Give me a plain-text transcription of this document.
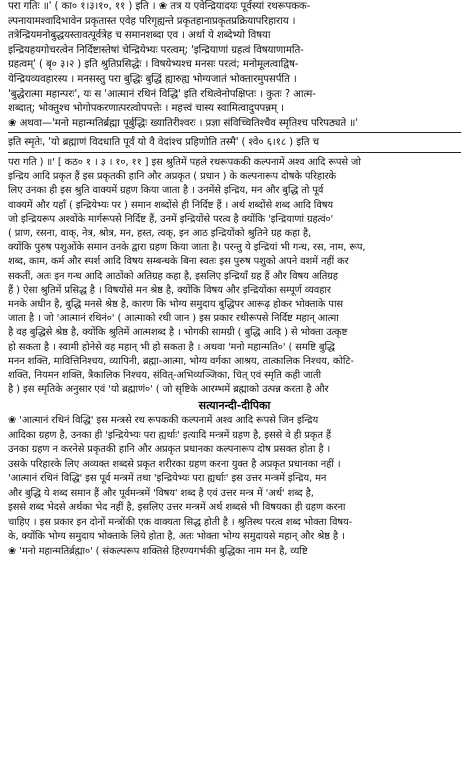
परा गतिः ॥' ( का० १।३।१०, ११ ) इति । ❀ तत्र य एवेन्द्रियादयः पूर्वस्यां रथरूपकक-
ल्पनायामश्वादिभावेन प्रकृतास्त एवेह परिगृह्यन्ते प्रकृतहानाप्रकृतप्रक्रियापरिहाराय ।
तत्रेन्द्रियमनोबुद्धयस्तावत्पूर्वत्रेह च समानशब्दा एव । अर्था ये शब्देभ्यो विषया
इन्द्रियहयगोचरत्वेन निर्दिष्टास्तेषां चेन्द्रियेभ्यः परत्वम्; 'इन्द्रियाणां ग्रहत्वं विषयाणामति-
ग्रहत्वम्' ( बृ० ३।२ ) इति श्रुतिप्रसिद्धेः । विषयेभ्यश्च मनसः परत्वं; मनोमूलत्वाद्विष-
येन्द्रियव्यवहारस्य । मनसस्तु परा बुद्धिः बुद्धिं ह्यारुह्य भोग्यजातं भोक्तारमुपसर्पति ।
'बुद्धेरात्मा महान्परः', यः स 'आत्मानं रथिनं विद्धि' इति रथित्वेनोपक्षिप्तः । कुतः ? आत्म-
शब्दात्; भोक्तुश्च भोगोपकरणात्परत्वोपपत्तेः । महत्त्वं चास्य स्वामित्वादुपपन्नम् ।
❀ अथवा—'मनो महान्मतिर्ब्रह्मा पूर्बुद्धिः ख्यातिरीश्वरः । प्रज्ञा संविच्चितिश्चैव स्मृतिश्च परिपठ्यते ॥'
इति स्मृतेः, 'यो ब्रह्माणं विदधाति पूर्वं यो वै वेदांश्च प्रहिणोति तस्मै' ( श्वे० ६।१८ ) इति च
परा गति ) ॥' [ कठ० १ । ३ । १०, ११ ] इस श्रुतिमें पहले रथरूपककी कल्पनामें अश्व आदि रूपसे जो
इन्द्रिय आदि प्रकृत हैं इस प्रकृतकी हानि और अप्रकृत ( प्रधान ) के कल्पनारूप दोषके परिहारके
लिए उनका ही इस श्रुति वाक्यमें ग्रहण किया जाता है । उनमेंसे इन्द्रिय, मन और बुद्धि तो पूर्व
वाक्यमें और यहाँ ( इन्द्रियेभ्यः पर ) समान शब्दोंसे ही निर्दिष्ट हैं । अर्थ शब्दोंसे शब्द आदि विषय
जो इन्द्रियरूप अश्वोंके मार्गरूपसे निर्दिष्ट हैं, उनमें इन्द्रियोंसे परत्व है क्योंकि 'इन्द्रियाणां ग्रहत्वं०'
( प्राण, रसना, वाक्, नेत्र, श्रोत्र, मन, हस्त, त्वक्, इन आठ इन्द्रियोंको श्रुतिने ग्रह कहा है,
क्योंकि पुरुष पशुओंके समान उनके द्वारा ग्रहण किया जाता है। परन्तु ये इन्द्रियां भी गन्ध, रस, नाम, रूप,
शब्द, काम, कर्म और स्पर्श आदि विषय सम्बन्धके बिना स्वतः इस पुरुष पशुको अपने वशमें नहीं कर
सकतीं, अतः इन गन्ध आदि आठोंको अतिग्रह कहा है, इसलिए इन्द्रियाँ ग्रह हैं और विषय अतिग्रह
हैं ) ऐसा श्रुतिमें प्रसिद्ध है । विषयोंसे मन श्रेष्ठ है, क्योंकि विषय और इन्द्रियोंका सम्पूर्ण व्यवहार
मनके अधीन है, बुद्धि मनसे श्रेष्ठ है, कारण कि भोग्य समुदाय बुद्धिपर आरूढ़ होकर भोक्ताके पास
जाता है । जो 'आत्मानं रथिनं०' ( आत्माको रथी जान ) इस प्रकार रथीरूपसे निर्दिष्ट महान् आत्मा
है वह बुद्धिसे श्रेष्ठ है, क्योंकि श्रुतिमें आत्मशब्द है । भोगकी सामग्री ( बुद्धि आदि ) से भोक्ता उत्कृष्ट
हो सकता है । स्वामी होनेसे वह महान् भी हो सकता है । अथवा 'मनो महान्मति०' ( समष्टि बुद्धि
मनन शक्ति, मावित्तिनिश्चय, व्यापिनी, ब्रह्मा-आत्मा, भोग्य वर्गका आश्रय, तात्कालिक निश्चय, कोटि-
शक्ति, नियमन शक्ति, त्रैकालिक निश्चय, संवित्-अभिव्यञ्जिका, चित् एवं स्मृति कही जाती
है ) इस स्मृतिके अनुसार एवं 'यो ब्रह्माणं०' ( जो सृष्टिके आरम्भमें ब्रह्माको उत्पन्न करता है और
सत्यानन्दी-दीपिका
❀ 'आत्मानं रथिनं विद्धि' इस मन्त्रसे रथ रूपककी कल्पनामें अश्व आदि रूपसे जिन इन्द्रिय
आदिका ग्रहण है, उनका ही 'इन्द्रियेभ्यः परा ह्यर्थाः' इत्यादि मन्त्रमें ग्रहण है, इससे वे ही प्रकृत हैं
उनका ग्रहण न करनेसे प्रकृतकी हानि और अप्रकृत प्रधानका कल्पनारूप दोष प्रसक्त होता है ।
उसके परिहारके लिए अव्यक्त शब्दसे प्रकृत शरीरका ग्रहण करना युक्त है अप्रकृत प्रधानका नहीं ।
'आत्मानं रथिनं विद्धि' इस पूर्व मन्त्रमें तथा 'इन्द्रियेभ्यः परा ह्यर्थाः' इस उत्तर मन्त्रमें इन्द्रिय, मन
और बुद्धि ये शब्द समान हैं और पूर्वमन्त्रमें 'विषय' शब्द है एवं उत्तर मन्त्र में 'अर्थ' शब्द है,
इससे शब्द भेदसे अर्थका भेद नहीं है, इसलिए उत्तर मन्त्रमें अर्थ शब्दसे भी विषयका ही ग्रहण करना
चाहिए । इस प्रकार इन दोनों मन्त्रोंकी एक वाक्यता सिद्ध होती है । श्रुतिस्थ परत्व शब्द भोक्ता विषय-
के, क्योंकि भोग्य समुदाय भोक्ताके लिये होता है, अतः भोक्ता भोग्य समुदायसे महान् और श्रेष्ठ है ।
❀ 'मनो महान्मतिर्ब्रह्मा०' ( संकल्परूप शक्तिसे हिरण्यगर्भकी बुद्धिका नाम मन है, व्यष्टि
